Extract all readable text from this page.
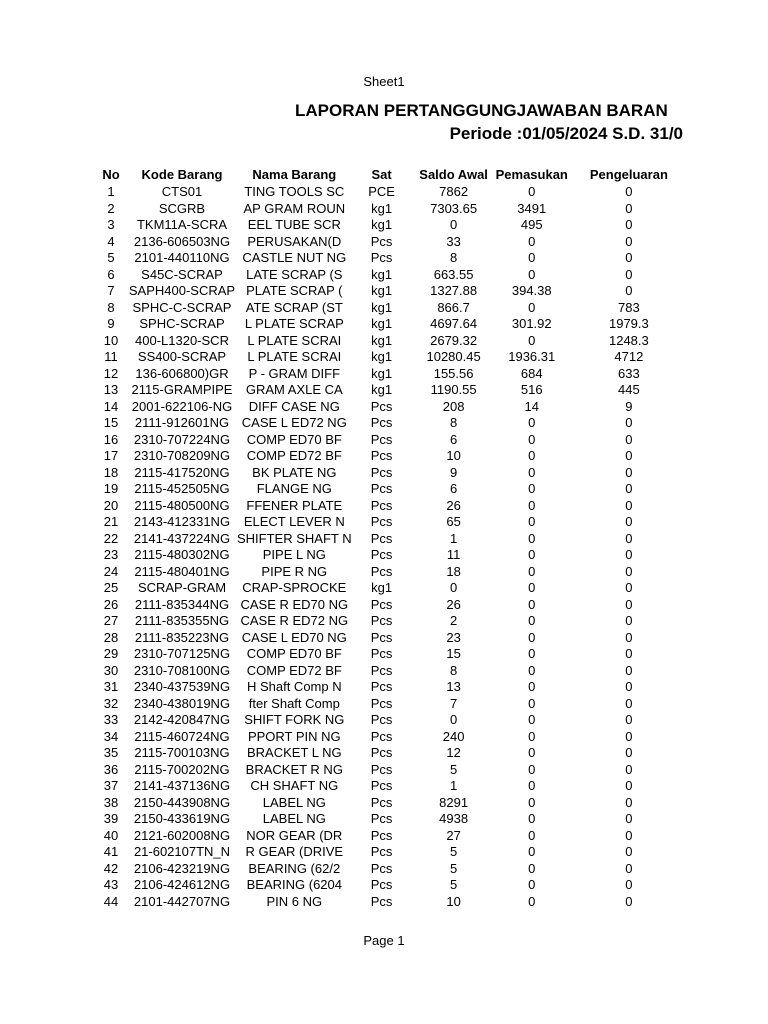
Sheet1
LAPORAN PERTANGGUNGJAWABAN BARAN
Periode :01/05/2024 S.D. 31/0
No	Kode Barang	Nama Barang	Sat	Saldo Awal	Pemasukan	Pengeluaran
1	CTS01	TING TOOLS SC	PCE	7862	0	0
2	SCGRB	AP GRAM ROUN	kg1	7303.65	3491	0
3	TKM11A-SCRA	EEL TUBE SCR	kg1	0	495	0
4	2136-606503NG	PERUSAKAN(D	Pcs	33	0	0
5	2101-440110NG	CASTLE NUT NG	Pcs	8	0	0
6	S45C-SCRAP	LATE SCRAP (S	kg1	663.55	0	0
7	SAPH400-SCRAP	PLATE SCRAP (	kg1	1327.88	394.38	0
8	SPHC-C-SCRAP	ATE SCRAP (ST	kg1	866.7	0	783
9	SPHC-SCRAP	L PLATE SCRAP	kg1	4697.64	301.92	1979.3
10	400-L1320-SCR	L PLATE SCRAI	kg1	2679.32	0	1248.3
11	SS400-SCRAP	L PLATE SCRAI	kg1	10280.45	1936.31	4712
12	136-606800)GR	P - GRAM DIFF	kg1	155.56	684	633
13	2115-GRAMPIPE	GRAM AXLE CA	kg1	1190.55	516	445
14	2001-622106-NG	DIFF CASE NG	Pcs	208	14	9
15	2111-912601NG	CASE L ED72 NG	Pcs	8	0	0
16	2310-707224NG	COMP ED70 BF	Pcs	6	0	0
17	2310-708209NG	COMP ED72 BF	Pcs	10	0	0
18	2115-417520NG	BK PLATE NG	Pcs	9	0	0
19	2115-452505NG	FLANGE NG	Pcs	6	0	0
20	2115-480500NG	FFENER PLATE	Pcs	26	0	0
21	2143-412331NG	ELECT LEVER N	Pcs	65	0	0
22	2141-437224NG	SHIFTER SHAFT N	Pcs	1	0	0
23	2115-480302NG	PIPE L NG	Pcs	11	0	0
24	2115-480401NG	PIPE R NG	Pcs	18	0	0
25	SCRAP-GRAM	CRAP-SPROCKE	kg1	0	0	0
26	2111-835344NG	CASE R ED70 NG	Pcs	26	0	0
27	2111-835355NG	CASE R ED72 NG	Pcs	2	0	0
28	2111-835223NG	CASE L ED70 NG	Pcs	23	0	0
29	2310-707125NG	COMP ED70 BF	Pcs	15	0	0
30	2310-708100NG	COMP ED72 BF	Pcs	8	0	0
31	2340-437539NG	H Shaft Comp N	Pcs	13	0	0
32	2340-438019NG	fter Shaft Comp	Pcs	7	0	0
33	2142-420847NG	SHIFT FORK NG	Pcs	0	0	0
34	2115-460724NG	PPORT PIN NG	Pcs	240	0	0
35	2115-700103NG	BRACKET L NG	Pcs	12	0	0
36	2115-700202NG	BRACKET R NG	Pcs	5	0	0
37	2141-437136NG	CH SHAFT NG	Pcs	1	0	0
38	2150-443908NG	LABEL NG	Pcs	8291	0	0
39	2150-433619NG	LABEL NG	Pcs	4938	0	0
40	2121-602008NG	NOR GEAR (DR	Pcs	27	0	0
41	21-602107TN_N	R GEAR (DRIVE	Pcs	5	0	0
42	2106-423219NG	BEARING (62/2	Pcs	5	0	0
43	2106-424612NG	BEARING (6204	Pcs	5	0	0
44	2101-442707NG	PIN 6 NG	Pcs	10	0	0
Page 1
